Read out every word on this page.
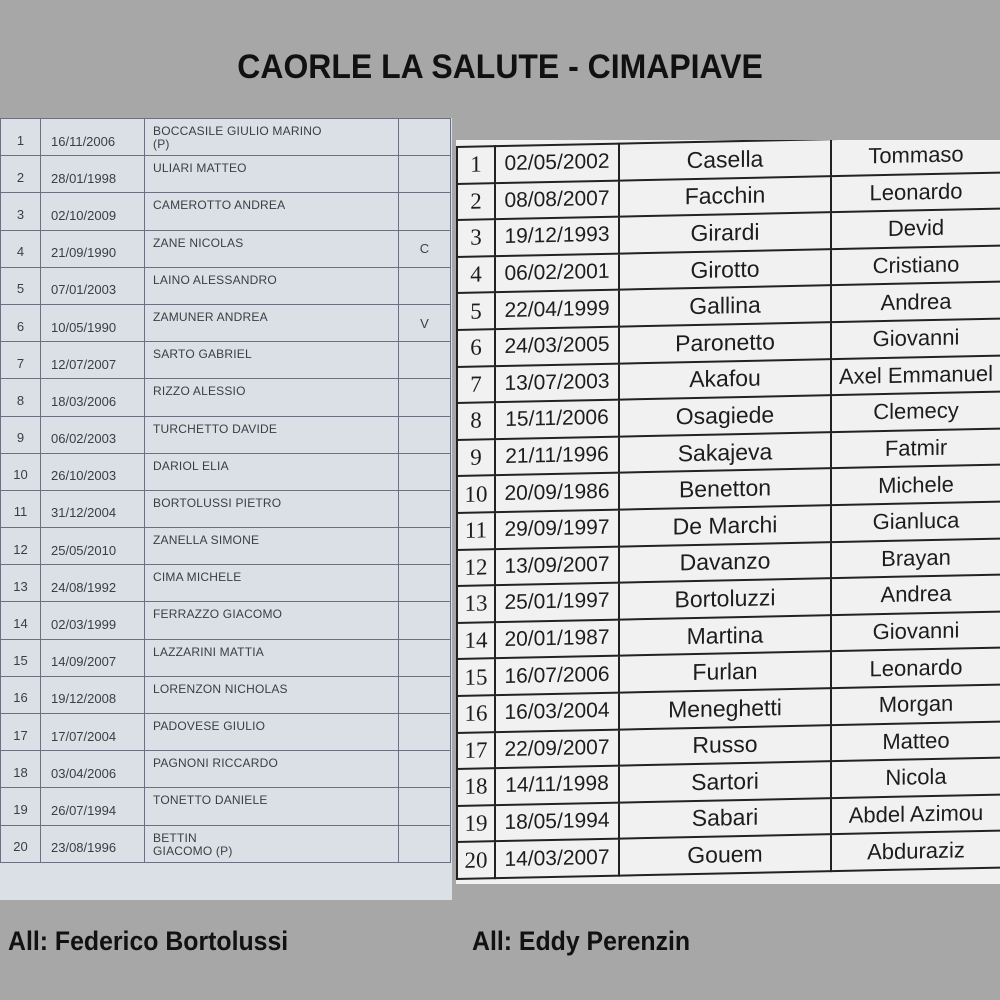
CAORLE LA SALUTE - CIMAPIAVE
1	16/11/2006	BOCCASILE GIULIO MARINO
(P)	

2	28/01/1998	ULIARI MATTEO	

3	02/10/2009	CAMEROTTO ANDREA	

4	21/09/1990	ZANE NICOLAS	C
5	07/01/2003	LAINO ALESSANDRO	

6	10/05/1990	ZAMUNER ANDREA	V
7	12/07/2007	SARTO GABRIEL	

8	18/03/2006	RIZZO ALESSIO	

9	06/02/2003	TURCHETTO DAVIDE	

10	26/10/2003	DARIOL ELIA	

11	31/12/2004	BORTOLUSSI PIETRO	

12	25/05/2010	ZANELLA SIMONE	

13	24/08/1992	CIMA MICHELE	

14	02/03/1999	FERRAZZO GIACOMO	

15	14/09/2007	LAZZARINI MATTIA	

16	19/12/2008	LORENZON NICHOLAS	

17	17/07/2004	PADOVESE GIULIO	

18	03/04/2006	PAGNONI RICCARDO	

19	26/07/1994	TONETTO DANIELE	

20	23/08/1996	BETTIN
GIACOMO (P)	

1	02/05/2002	Casella	Tommaso
2	08/08/2007	Facchin	Leonardo
3	19/12/1993	Girardi	Devid
4	06/02/2001	Girotto	Cristiano
5	22/04/1999	Gallina	Andrea
6	24/03/2005	Paronetto	Giovanni
7	13/07/2003	Akafou	Axel Emmanuel
8	15/11/2006	Osagiede	Clemecy
9	21/11/1996	Sakajeva	Fatmir
10	20/09/1986	Benetton	Michele
11	29/09/1997	De Marchi	Gianluca
12	13/09/2007	Davanzo	Brayan
13	25/01/1997	Bortoluzzi	Andrea
14	20/01/1987	Martina	Giovanni
15	16/07/2006	Furlan	Leonardo
16	16/03/2004	Meneghetti	Morgan
17	22/09/2007	Russo	Matteo
18	14/11/1998	Sartori	Nicola
19	18/05/1994	Sabari	Abdel Azimou
20	14/03/2007	Gouem	Abduraziz
All: Federico Bortolussi	All: Eddy Perenzin
